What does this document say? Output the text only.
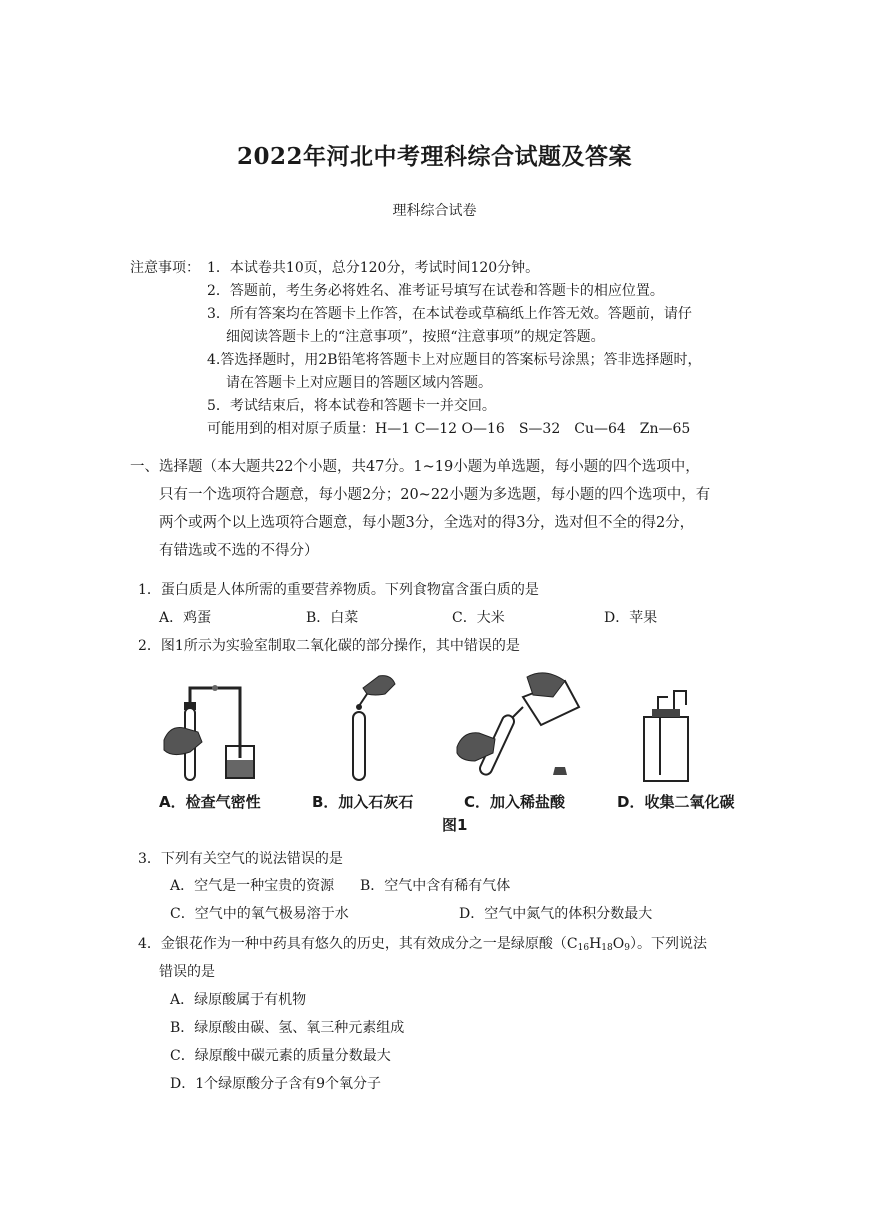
2022年河北中考理科综合试题及答案
理科综合试卷
注意事项： 1．本试卷共10页，总分120分，考试时间120分钟。
2．答题前，考生务必将姓名、准考证号填写在试卷和答题卡的相应位置。
3．所有答案均在答题卡上作答，在本试卷或草稿纸上作答无效。答题前，请仔
细阅读答题卡上的“注意事项”，按照“注意事项”的规定答题。
4.答选择题时，用2B铅笔将答题卡上对应题目的答案标号涂黑；答非选择题时，
请在答题卡上对应题目的答题区域内答题。
5．考试结束后，将本试卷和答题卡一并交回。
可能用到的相对原子质量：H—1 C—12 O—16　S—32　Cu—64　Zn—65
一、选择题（本大题共22个小题，共47分。1~19小题为单选题，每小题的四个选项中，
只有一个选项符合题意，每小题2分；20~22小题为多选题，每小题的四个选项中，有
两个或两个以上选项符合题意，每小题3分，全选对的得3分，选对但不全的得2分，
有错选或不选的不得分）
1．蛋白质是人体所需的重要营养物质。下列食物富含蛋白质的是
A．鸡蛋	B．白菜	C．大米	D．苹果
2．图1所示为实验室制取二氧化碳的部分操作，其中错误的是
A．检查气密性	B．加入石灰石	C．加入稀盐酸	D．收集二氧化碳
图1
3．下列有关空气的说法错误的是
A．空气是一种宝贵的资源 B．空气中含有稀有气体
C．空气中的氧气极易溶于水	D．空气中氮气的体积分数最大
4．金银花作为一种中药具有悠久的历史，其有效成分之一是绿原酸$(C_{16}H_{18}O_9)$。下列说法
错误的是
A．绿原酸属于有机物
B．绿原酸由碳、氢、氧三种元素组成
C．绿原酸中碳元素的质量分数最大
D．1个绿原酸分子含有9个氧分子
